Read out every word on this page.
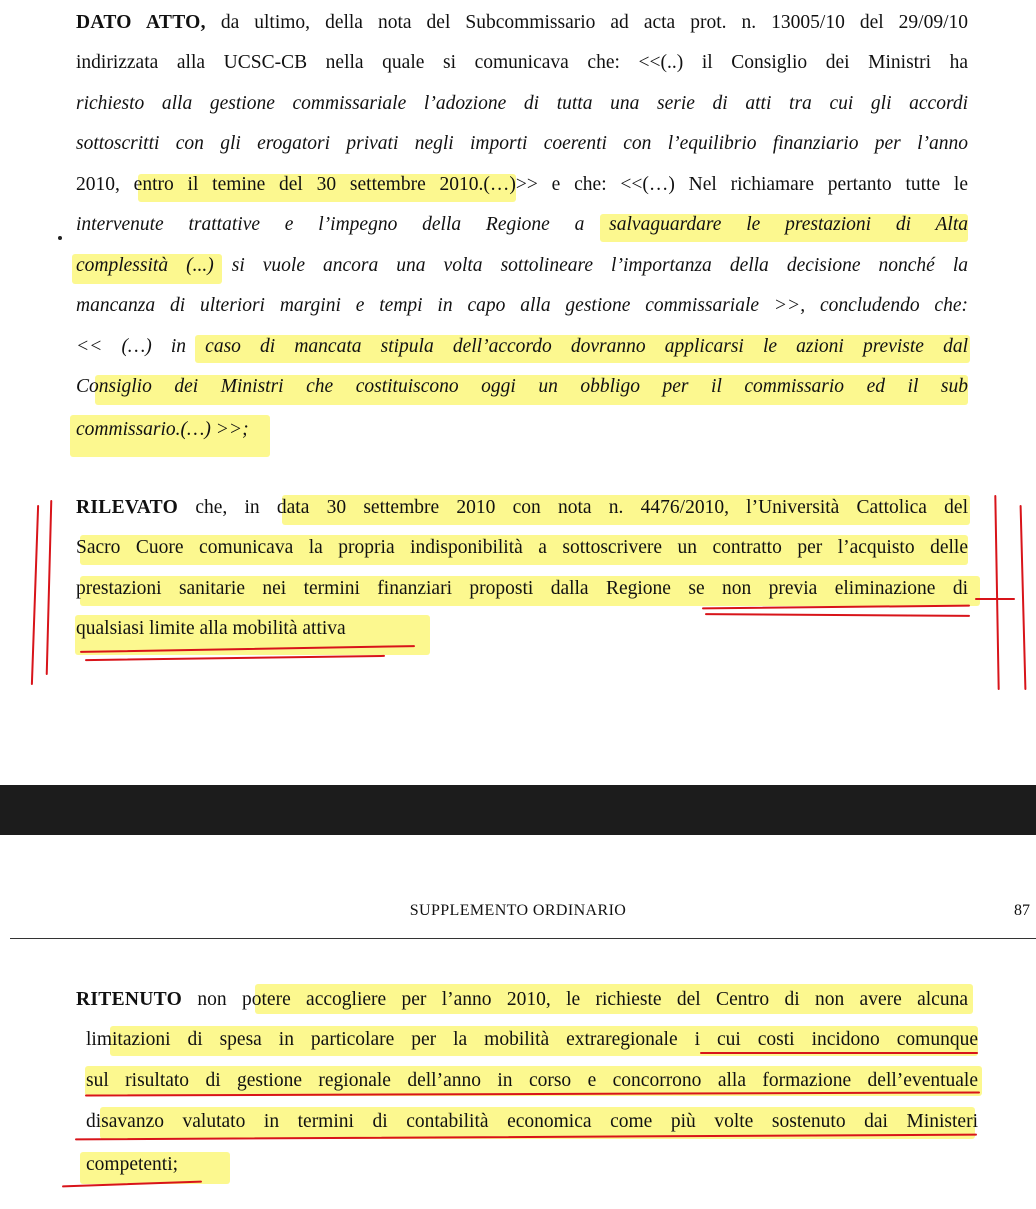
DATO ATTO, da ultimo, della nota del Subcommissario ad acta prot. n. 13005/10 del 29/09/10
indirizzata alla UCSC-CB nella quale si comunicava che: <<(..) il Consiglio dei Ministri ha
richiesto alla gestione commissariale l’adozione di tutta una serie di atti tra cui gli accordi
sottoscritti con gli erogatori privati negli importi coerenti con l’equilibrio finanziario per l’anno
2010, entro il temine del 30 settembre 2010.(…)>> e che: <<(…) Nel richiamare pertanto tutte le
intervenute trattative e l’impegno della Regione a salvaguardare le prestazioni di Alta
complessità (...) si vuole ancora una volta sottolineare l’importanza della decisione nonché la
mancanza di ulteriori margini e tempi in capo alla gestione commissariale >>, concludendo che:
<< (…) in caso di mancata stipula dell’accordo dovranno applicarsi le azioni previste dal
Consiglio dei Ministri che costituiscono oggi un obbligo per il commissario ed il sub
commissario.(…) >>;
RILEVATO che, in data 30 settembre 2010 con nota n. 4476/2010, l’Università Cattolica del
Sacro Cuore comunicava la propria indisponibilità a sottoscrivere un contratto per l’acquisto delle
prestazioni sanitarie nei termini finanziari proposti dalla Regione se non previa eliminazione di
qualsiasi limite alla mobilità attiva
SUPPLEMENTO ORDINARIO	87
RITENUTO non potere accogliere per l’anno 2010, le richieste del Centro di non avere alcuna
limitazioni di spesa in particolare per la mobilità extraregionale i cui costi incidono comunque
sul risultato di gestione regionale dell’anno in corso e concorrono alla formazione dell’eventuale
disavanzo valutato in termini di contabilità economica come più volte sostenuto dai Ministeri
competenti;
